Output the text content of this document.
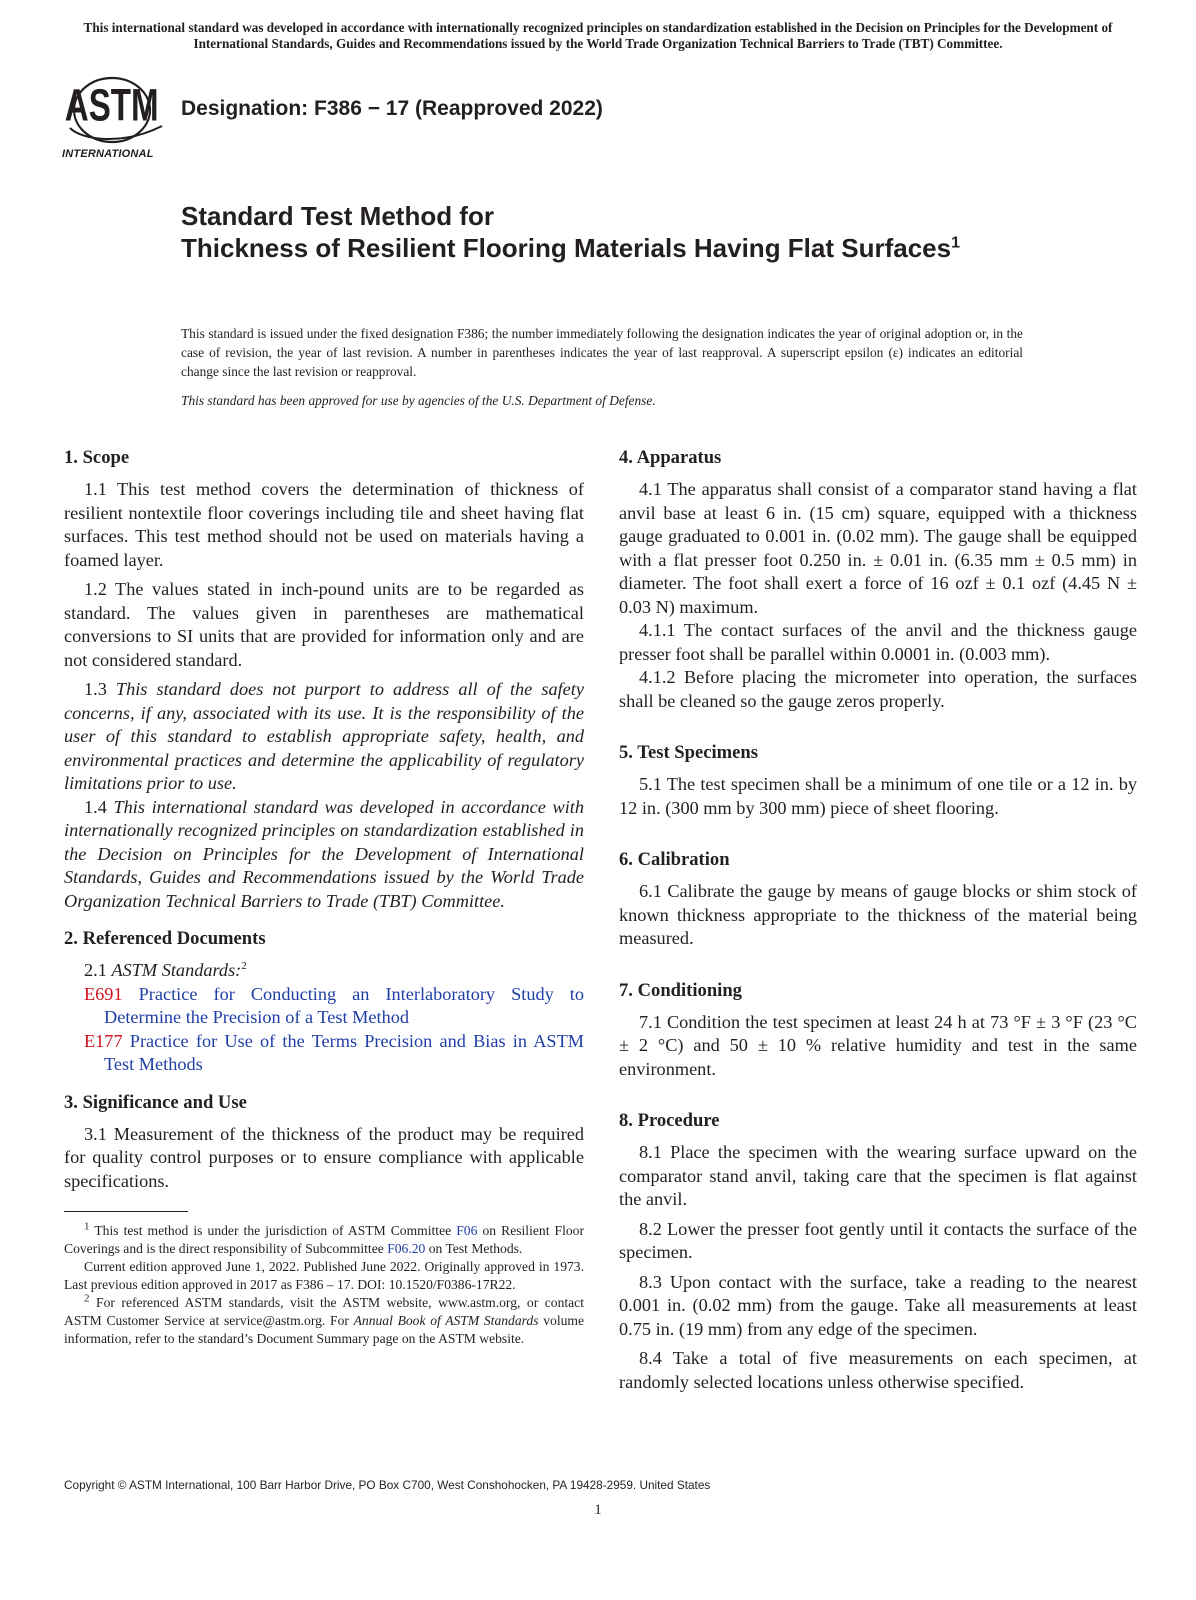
This international standard was developed in accordance with internationally recognized principles on standardization established in the Decision on Principles for the Development of International Standards, Guides and Recommendations issued by the World Trade Organization Technical Barriers to Trade (TBT) Committee.
ASTM
INTERNATIONAL
Designation: F386 − 17 (Reapproved 2022)
Standard Test Method for
Thickness of Resilient Flooring Materials Having Flat Surfaces$^1$
This standard is issued under the fixed designation F386; the number immediately following the designation indicates the year of original adoption or, in the case of revision, the year of last revision. A number in parentheses indicates the year of last reapproval. A superscript epsilon (ε) indicates an editorial change since the last revision or reapproval.
This standard has been approved for use by agencies of the U.S. Department of Defense.
1. Scope

1.1 This test method covers the determination of thickness of resilient nontextile floor coverings including tile and sheet having flat surfaces. This test method should not be used on materials having a foamed layer.

1.2 The values stated in inch-pound units are to be regarded as standard. The values given in parentheses are mathematical conversions to SI units that are provided for information only and are not considered standard.

1.3 This standard does not purport to address all of the safety concerns, if any, associated with its use. It is the responsibility of the user of this standard to establish appropriate safety, health, and environmental practices and determine the applicability of regulatory limitations prior to use.

1.4 This international standard was developed in accordance with internationally recognized principles on standardization established in the Decision on Principles for the Development of International Standards, Guides and Recommendations issued by the World Trade Organization Technical Barriers to Trade (TBT) Committee.

2. Referenced Documents

2.1 ASTM Standards:$^2$

E691 Practice for Conducting an Interlaboratory Study to Determine the Precision of a Test Method

E177 Practice for Use of the Terms Precision and Bias in ASTM Test Methods

3. Significance and Use

3.1 Measurement of the thickness of the product may be required for quality control purposes or to ensure compliance with applicable specifications.

$^1$ This test method is under the jurisdiction of ASTM Committee F06 on Resilient Floor Coverings and is the direct responsibility of Subcommittee F06.20 on Test Methods.

Current edition approved June 1, 2022. Published June 2022. Originally approved in 1973. Last previous edition approved in 2017 as F386 – 17. DOI: 10.1520/F0386-17R22.

$^2$ For referenced ASTM standards, visit the ASTM website, www.astm.org, or contact ASTM Customer Service at service@astm.org. For Annual Book of ASTM Standards volume information, refer to the standard’s Document Summary page on the ASTM website.

4. Apparatus

4.1 The apparatus shall consist of a comparator stand having a flat anvil base at least 6 in. (15 cm) square, equipped with a thickness gauge graduated to 0.001 in. (0.02 mm). The gauge shall be equipped with a flat presser foot 0.250 in. ± 0.01 in. (6.35 mm ± 0.5 mm) in diameter. The foot shall exert a force of 16 ozf ± 0.1 ozf (4.45 N ± 0.03 N) maximum.

4.1.1 The contact surfaces of the anvil and the thickness gauge presser foot shall be parallel within 0.0001 in. (0.003 mm).

4.1.2 Before placing the micrometer into operation, the surfaces shall be cleaned so the gauge zeros properly.

5. Test Specimens

5.1 The test specimen shall be a minimum of one tile or a 12 in. by 12 in. (300 mm by 300 mm) piece of sheet flooring.

6. Calibration

6.1 Calibrate the gauge by means of gauge blocks or shim stock of known thickness appropriate to the thickness of the material being measured.

7. Conditioning

7.1 Condition the test specimen at least 24 h at 73 °F ± 3 °F (23 °C ± 2 °C) and 50 ± 10 % relative humidity and test in the same environment.

8. Procedure

8.1 Place the specimen with the wearing surface upward on the comparator stand anvil, taking care that the specimen is flat against the anvil.

8.2 Lower the presser foot gently until it contacts the surface of the specimen.

8.3 Upon contact with the surface, take a reading to the nearest 0.001 in. (0.02 mm) from the gauge. Take all measurements at least 0.75 in. (19 mm) from any edge of the specimen.

8.4 Take a total of five measurements on each specimen, at randomly selected locations unless otherwise specified.

Copyright © ASTM International, 100 Barr Harbor Drive, PO Box C700, West Conshohocken, PA 19428-2959. United States
1
